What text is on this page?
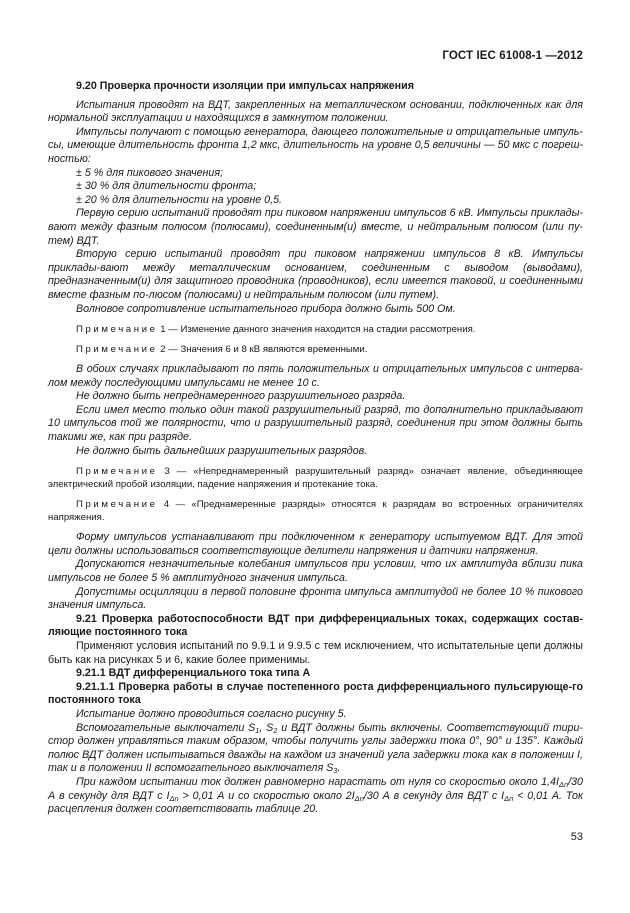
ГОСТ IEC 61008-1 —2012

9.20 Проверка прочности изоляции при импульсах напряжения

Испытания проводят на ВДТ, закрепленных на металлическом основании, подключенных как для нормальной эксплуатации и находящихся в замкнутом положении.

Импульсы получают с помощью генератора, дающего положительные и отрицательные импуль-сы, имеющие длительность фронта 1,2 мкс, длительность на уровне 0,5 величины — 50 мкс с погреш-ностью:

± 5 % для пикового значения;

± 30 % для длительности фронта;

± 20 % для длительности на уровне 0,5.

Первую серию испытаний проводят при пиковом напряжении импульсов 6 кВ. Импульсы приклады-вают между фазным полюсом (полюсами), соединенным(и) вместе, и нейтральным полюсом (или пу-тем) ВДТ.

Вторую серию испытаний проводят при пиковом напряжении импульсов 8 кВ. Импульсы приклады-вают между металлическим основанием, соединенным с выводом (выводами), предназначенным(и) для защитного проводника (проводников), если имеется таковой, и соединенными вместе фазным по-люсом (полюсами) и нейтральным полюсом (или путем).

Волновое сопротивление испытательного прибора должно быть 500 Ом.

Примечание 1 — Изменение данного значения находится на стадии рассмотрения.

Примечание 2 — Значения 6 и 8 кВ являются временными.

В обоих случаях прикладывают по пять положительных и отрицательных импульсов с интерва-лом между последующими импульсами не менее 10 с.

Не должно быть непреднамеренного разрушительного разряда.

Если имел место только один такой разрушительный разряд, то дополнительно прикладывают 10 импульсов той же полярности, что и разрушительный разряд, соединения при этом должны быть такими же, как при разряде.

Не должно быть дальнейших разрушительных разрядов.

Примечание 3 — «Непреднамеренный разрушительный разряд» означает явление, объединяющее электрический пробой изоляции, падение напряжения и протекание тока.

Примечание 4 — «Преднамеренные разряды» относятся к разрядам во встроенных ограничителях напряжения.

Форму импульсов устанавливают при подключенном к генератору испытуемом ВДТ. Для этой цели должны использоваться соответствующие делители напряжения и датчики напряжения.

Допускаются незначительные колебания импульсов при условии, что их амплитуда вблизи пика импульсов не более 5 % амплитудного значения импульса.

Допустимы осцилляции в первой половине фронта импульса амплитудой не более 10 % пикового значения импульса.

9.21 Проверка работоспособности ВДТ при дифференциальных токах, содержащих состав-ляющие постоянного тока

Применяют условия испытаний по 9.9.1 и 9.9.5 с тем исключением, что испытательные цепи должны быть как на рисунках 5 и 6, какие более применимы.

9.21.1 ВДТ дифференциального тока типа А

9.21.1.1 Проверка работы в случае постепенного роста дифференциального пульсирующе-го постоянного тока

Испытание должно проводиться согласно рисунку 5.

Вспомогательные выключатели $S_1$, $S_2$ и ВДТ должны быть включены. Соответствующий тири-стор должен управляться таким образом, чтобы получить углы задержки тока 0°, 90° и 135°. Каждый полюс ВДТ должен испытываться дважды на каждом из значений угла задержки тока как в положении I, так и в положении II вспомогательного выключателя $S_3$.

При каждом испытании ток должен равномерно нарастать от нуля со скоростью около $1,4I_{\Delta n}/30$ А в секунду для ВДТ с $I_{\Delta n} > 0,01$ А и со скоростью около $2I_{\Delta n}/30$ А в секунду для ВДТ с $I_{\Delta n} < 0,01$ А. Ток расцепления должен соответствовать таблице 20.

53
